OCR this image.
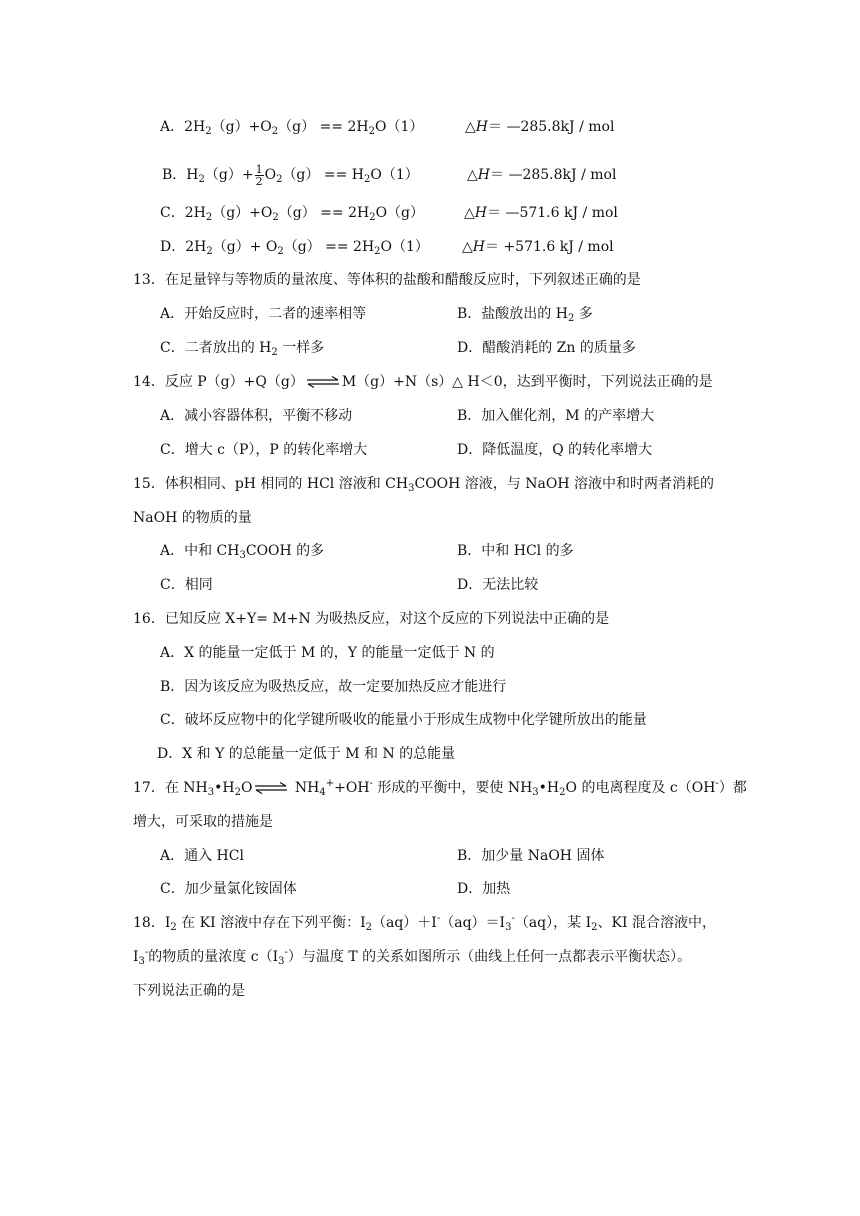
A．$2H_2(g)+O_2(g) == 2H_2O(1)$	△H＝ —285.8kJ / mol
B．$H_2(g)+ \frac{1}{2} O_2(g) == H_2O(1)$	△H＝ —285.8kJ / mol
C．$2H_2(g)+O_2(g) == 2H_2O(g)$	△H＝ —571.6 kJ / mol
D．$2H_2(g)+ O_2(g) == 2H_2O(1)$ △H＝ +571.6 kJ / mol
13．在足量锌与等物质的量浓度、等体积的盐酸和醋酸反应时，下列叙述正确的是
A．开始反应时，二者的速率相等	B．盐酸放出的 $H_2$ 多
C．二者放出的 $H_2$ 一样多	D．醋酸消耗的 Zn 的质量多
14．反应 P（g）+Q（g） ⇌ M（g）+N（s）△ H＜0，达到平衡时，下列说法正确的是
A．减小容器体积，平衡不移动	B．加入催化剂，M 的产率增大
C．增大 c（P），P 的转化率增大	D．降低温度，Q 的转化率增大
15．体积相同、pH 相同的 HCl 溶液和 $CH_3COOH$ 溶液，与 NaOH 溶液中和时两者消耗的
NaOH 的物质的量
A．中和 $CH_3COOH$ 的多	B．中和 HCl 的多
C．相同	D．无法比较
16．已知反应 X+Y= M+N 为吸热反应，对这个反应的下列说法中正确的是
A．X 的能量一定低于 M 的，Y 的能量一定低于 N 的
B．因为该反应为吸热反应，故一定要加热反应才能进行
C．破坏反应物中的化学键所吸收的能量小于形成生成物中化学键所放出的能量
D．X 和 Y 的总能量一定低于 M 和 N 的总能量
17．在 $NH_3•H_2O$ ⇌ $NH_4^++OH^-$ 形成的平衡中，要使 $NH_3•H_2O$ 的电离程度及 c（OH-）都
增大，可采取的措施是
A．通入 HCl	B．加少量 NaOH 固体
C．加少量氯化铵固体	D．加热
18．$I_2$ 在 KI 溶液中存在下列平衡：$I_2(aq)+I^-(aq)=I_3^-(aq)$，某 $I_2$、KI 混合溶液中，
$I_3^-$的物质的量浓度 $c(I_3^-)$与温度 T 的关系如图所示（曲线上任何一点都表示平衡状态）。
下列说法正确的是
